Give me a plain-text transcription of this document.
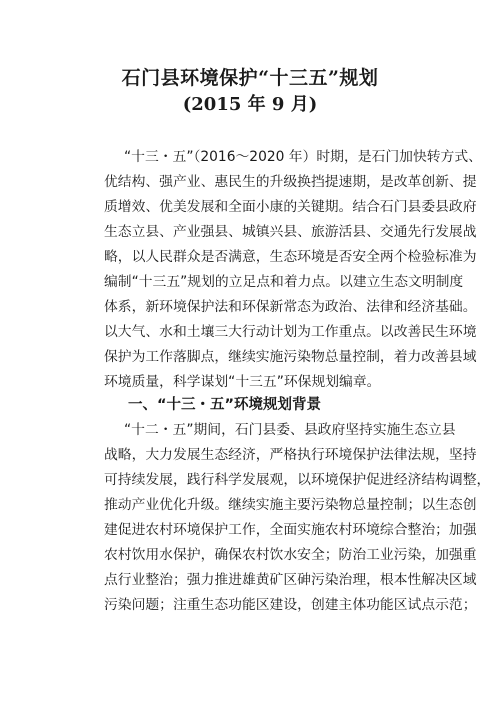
石门县环境保护“十三五”规划
(2015 年 9 月)
“十三・五”（2016～2020 年）时期，是石门加快转方式、
优结构、强产业、惠民生的升级换挡提速期，是改革创新、提
质增效、优美发展和全面小康的关键期。结合石门县委县政府
生态立县、产业强县、城镇兴县、旅游活县、交通先行发展战
略，以人民群众是否满意，生态环境是否安全两个检验标准为
编制“十三五”规划的立足点和着力点。以建立生态文明制度
体系，新环境保护法和环保新常态为政治、法律和经济基础。
以大气、水和土壤三大行动计划为工作重点。以改善民生环境
保护为工作落脚点，继续实施污染物总量控制，着力改善县域
环境质量，科学谋划“十三五”环保规划编章。
一、“十三・五”环境规划背景
“十二・五”期间，石门县委、县政府坚持实施生态立县
战略，大力发展生态经济，严格执行环境保护法律法规，坚持
可持续发展，践行科学发展观，以环境保护促进经济结构调整，
推动产业优化升级。继续实施主要污染物总量控制；以生态创
建促进农村环境保护工作，全面实施农村环境综合整治；加强
农村饮用水保护，确保农村饮水安全；防治工业污染，加强重
点行业整治；强力推进雄黄矿区砷污染治理，根本性解决区域
污染问题；注重生态功能区建设，创建主体功能区试点示范；
